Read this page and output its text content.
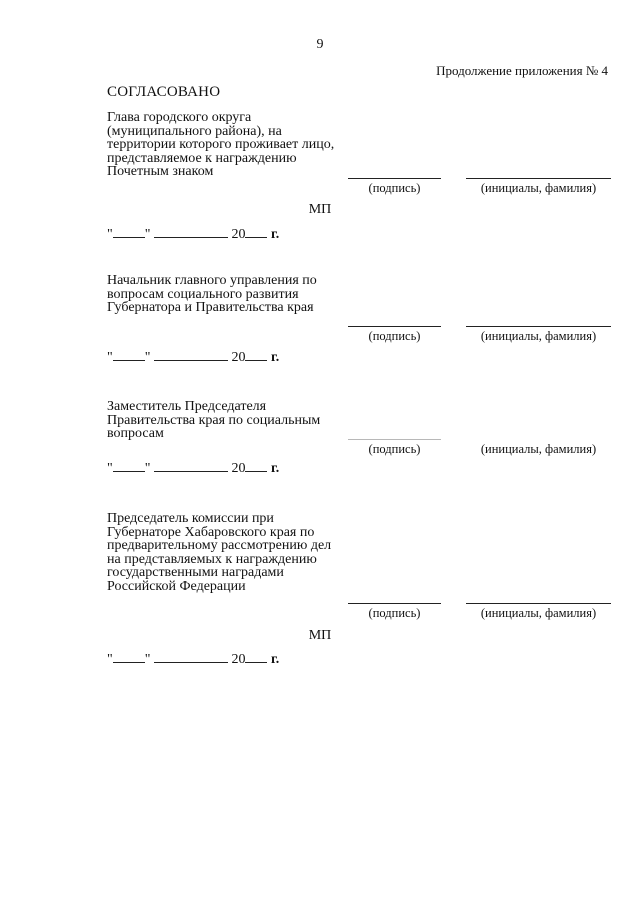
9
Продолжение приложения № 4
СОГЛАСОВАНО
Глава городского округа (муниципального района), на территории которого проживает лицо, представляемое к награждению Почетным знаком
(подпись)	(инициалы, фамилия)
МП
" "	20 г.
Начальник главного управления по вопросам социального развития Губернатора и Правительства края
(подпись)	(инициалы, фамилия)
" "	20 г.
Заместитель Председателя Правительства края по социальным вопросам
(подпись)	(инициалы, фамилия)
" "	20 г.
Председатель комиссии при Губернаторе Хабаровского края по предварительному рассмотрению дел на представляемых к награждению государственными наградами Российской Федерации
(подпись)	(инициалы, фамилия)
МП
" "	20 г.
